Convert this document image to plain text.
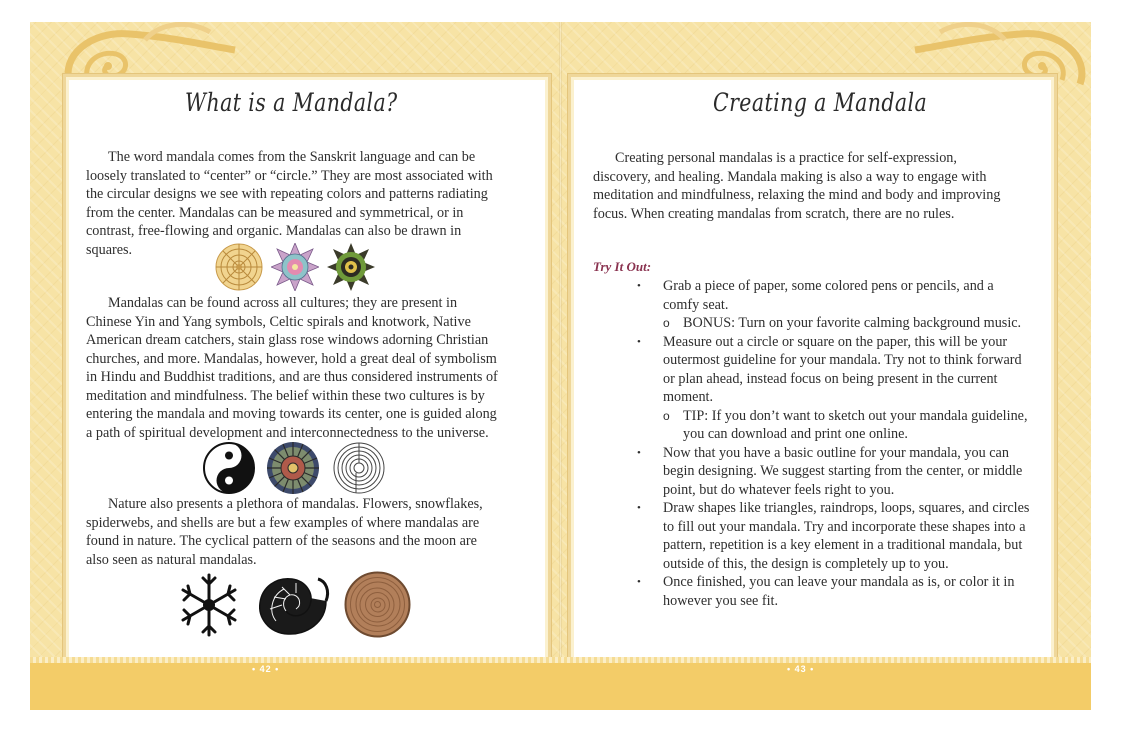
• 42 •	• 43 •
What is a Mandala?	Creating a Mandala

The word mandala comes from the Sanskrit language and can be loosely translated to “center” or “circle.” They are most associated with the circular designs we see with repeating colors and patterns radiating from the center. Mandalas can be measured and symmetrical, or in contrast, free-flowing and organic. Mandalas can also be drawn in squares.

Mandalas can be found across all cultures; they are present in Chinese Yin and Yang symbols, Celtic spirals and knotwork, Native American dream catchers, stain glass rose windows adorning Christian churches, and more. Mandalas, however, hold a great deal of symbolism in Hindu and Buddhist traditions, and are thus considered instruments of meditation and mindfulness. The belief within these two cultures is by entering the mandala and moving towards its center, one is guided along a path of spiritual development and interconnectedness to the universe.

Nature also presents a plethora of mandalas. Flowers, snowflakes, spiderwebs, and shells are but a few examples of where mandalas are found in nature. The cyclical pattern of the seasons and the moon are also seen as natural mandalas.

Creating personal mandalas is a practice for self-expression, discovery, and healing. Mandala making is also a way to engage with meditation and mindfulness, relaxing the mind and body and improving focus. When creating mandalas from scratch, there are no rules.

Try It Out:
• Grab a piece of paper, some colored pens or pencils, and a comfy seat.
o BONUS: Turn on your favorite calming background music.
• Measure out a circle or square on the paper, this will be your outermost guideline for your mandala. Try not to think forward or plan ahead, instead focus on being present in the current moment.
o TIP: If you don’t want to sketch out your mandala guideline, you can download and print one online.
• Now that you have a basic outline for your mandala, you can begin designing. We suggest starting from the center, or middle point, but do whatever feels right to you.
• Draw shapes like triangles, raindrops, loops, squares, and circles to fill out your mandala. Try and incorporate these shapes into a pattern, repetition is a key element in a traditional mandala, but outside of this, the design is completely up to you.
• Once finished, you can leave your mandala as is, or color it in however you see fit.
